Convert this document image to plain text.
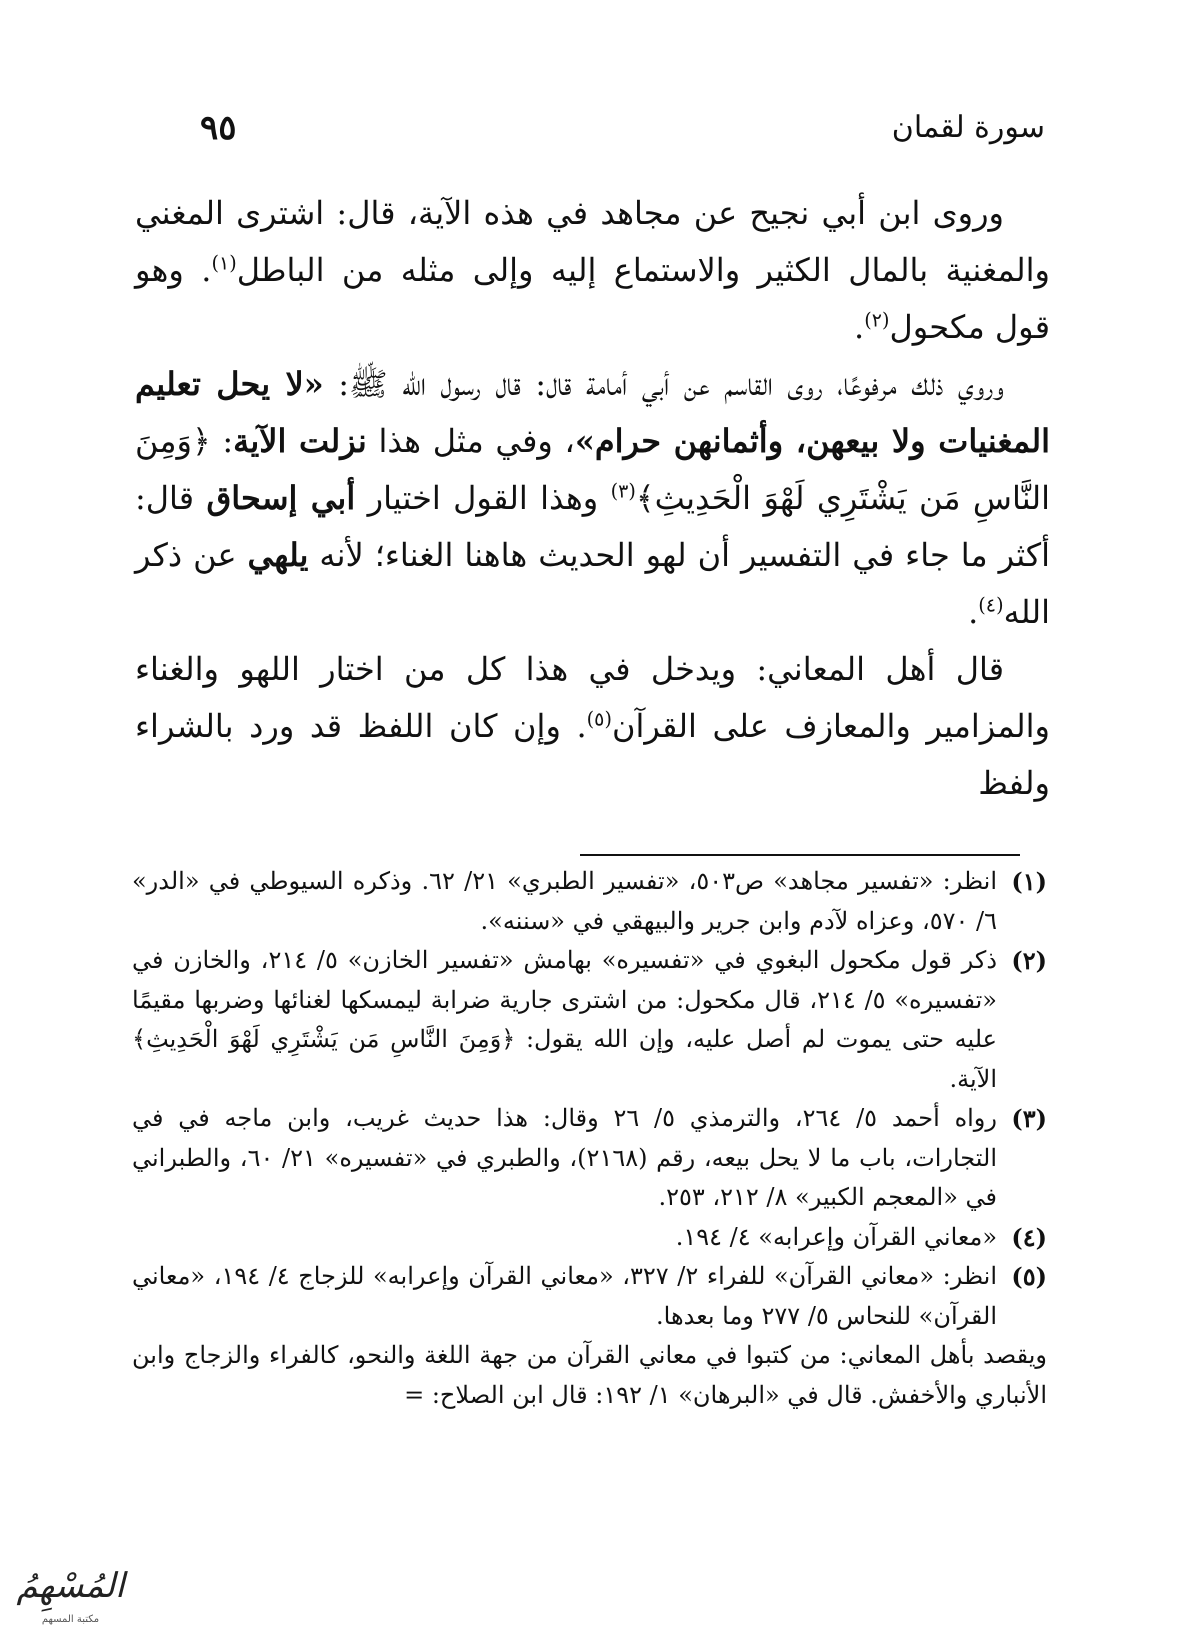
سورة لقمان
٩٥

وروى ابن أبي نجيح عن مجاهد في هذه الآية، قال: اشترى المغني والمغنية بالمال الكثير والاستماع إليه وإلى مثله من الباطل$^{(١)}$. وهو قول مكحول$^{(٢)}$.

وروي ذلك مرفوعًا، روى القاسم عن أبي أمامة قال: قال رسول الله ﷺ: «لا يحل تعليم المغنيات ولا بيعهن، وأثمانهن حرام»، وفي مثل هذا نزلت الآية: ﴿وَمِنَ النَّاسِ مَن يَشْتَرِي لَهْوَ الْحَدِيثِ﴾$^{(٣)}$ وهذا القول اختيار أبي إسحاق قال: أكثر ما جاء في التفسير أن لهو الحديث هاهنا الغناء؛ لأنه يلهي عن ذكر الله$^{(٤)}$.

قال أهل المعاني: ويدخل في هذا كل من اختار اللهو والغناء والمزامير والمعازف على القرآن$^{(٥)}$. وإن كان اللفظ قد ورد بالشراء ولفظ

(١)
انظر: «تفسير مجاهد» ص٥٠٣، «تفسير الطبري» ٢١/ ٦٢. وذكره السيوطي في «الدر» ٦/ ٥٧٠، وعزاه لآدم وابن جرير والبيهقي في «سننه».
(٢)
ذكر قول مكحول البغوي في «تفسيره» بهامش «تفسير الخازن» ٥/ ٢١٤، والخازن في «تفسيره» ٥/ ٢١٤، قال مكحول: من اشترى جارية ضرابة ليمسكها لغنائها وضربها مقيمًا عليه حتى يموت لم أصل عليه، وإن الله يقول: ﴿وَمِنَ النَّاسِ مَن يَشْتَرِي لَهْوَ الْحَدِيثِ﴾ الآية.
(٣)
رواه أحمد ٥/ ٢٦٤، والترمذي ٥/ ٢٦ وقال: هذا حديث غريب، وابن ماجه في في التجارات، باب ما لا يحل بيعه، رقم (٢١٦٨)، والطبري في «تفسيره» ٢١/ ٦٠، والطبراني في «المعجم الكبير» ٨/ ٢١٢، ٢٥٣.
(٤)
«معاني القرآن وإعرابه» ٤/ ١٩٤.
(٥)
انظر: «معاني القرآن» للفراء ٢/ ٣٢٧، «معاني القرآن وإعرابه» للزجاج ٤/ ١٩٤، «معاني القرآن» للنحاس ٥/ ٢٧٧ وما بعدها.

ويقصد بأهل المعاني: من كتبوا في معاني القرآن من جهة اللغة والنحو، كالفراء والزجاج وابن الأنباري والأخفش. قال في «البرهان» ١/ ١٩٢: قال ابن الصلاح: =

المُسْهِمُ
مكتبة المسهم
